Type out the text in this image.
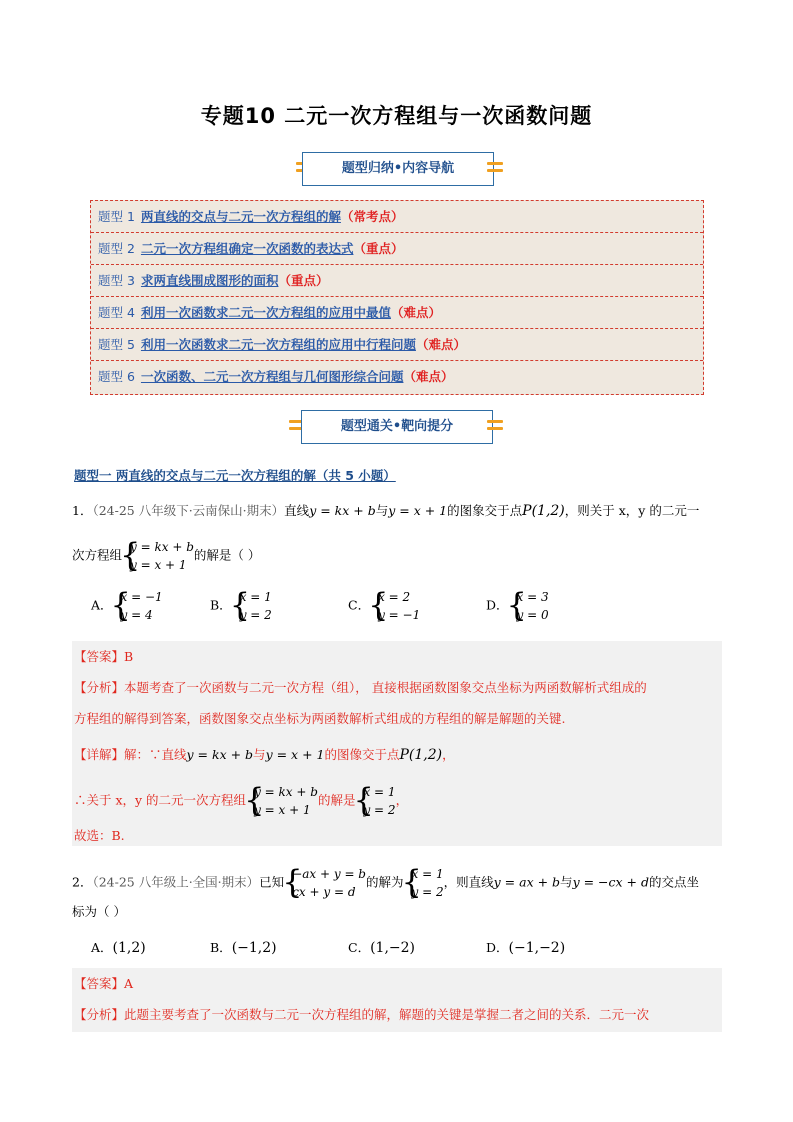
专题10 二元一次方程组与一次函数问题
题型归纳•内容导航
题型 1 两直线的交点与二元一次方程组的解（常考点）
题型 2 二元一次方程组确定一次函数的表达式（重点）
题型 3 求两直线围成图形的面积（重点）
题型 4 利用一次函数求二元一次方程组的应用中最值（难点）
题型 5 利用一次函数求二元一次方程组的应用中行程问题（难点）
题型 6 一次函数、二元一次方程组与几何图形综合问题（难点）
题型通关•靶向提分
题型一 两直线的交点与二元一次方程组的解（共 5 小题）
1．（24-25 八年级下·云南保山·期末）直线y = kx + b与y = x + 1的图象交于点P(1,2)，则关于 x，y 的二元一
次方程组
{ y = kx + b
y = x + 1
的解是（ ）
A．
{ x = −1
y = 4
B．
{ x = 1
y = 2
C．
{ x = 2
y = −1
D．
{ x = 3
y = 0
【答案】B
【分析】本题考查了一次函数与二元一次方程（组）， 直接根据函数图象交点坐标为两函数解析式组成的
方程组的解得到答案，函数图象交点坐标为两函数解析式组成的方程组的解是解题的关键.
【详解】解：∵直线y = kx + b与y = x + 1的图像交于点P(1,2)，
∴关于 x，y 的二元一次方程组
{ y = kx + b
y = x + 1
的解是
{ x = 1
y = 2
，
故选：B.
2．（24-25 八年级上·全国·期末）已知
{ −ax + y = b
cx + y = d
的解为
{ x = 1
y = 2
，则直线y = ax + b与y = −cx + d的交点坐
标为（ ）
A．(1,2)	B．(−1,2)	C．(1,−2)	D．(−1,−2)
【答案】A
【分析】此题主要考查了一次函数与二元一次方程组的解，解题的关键是掌握二者之间的关系．二元一次
